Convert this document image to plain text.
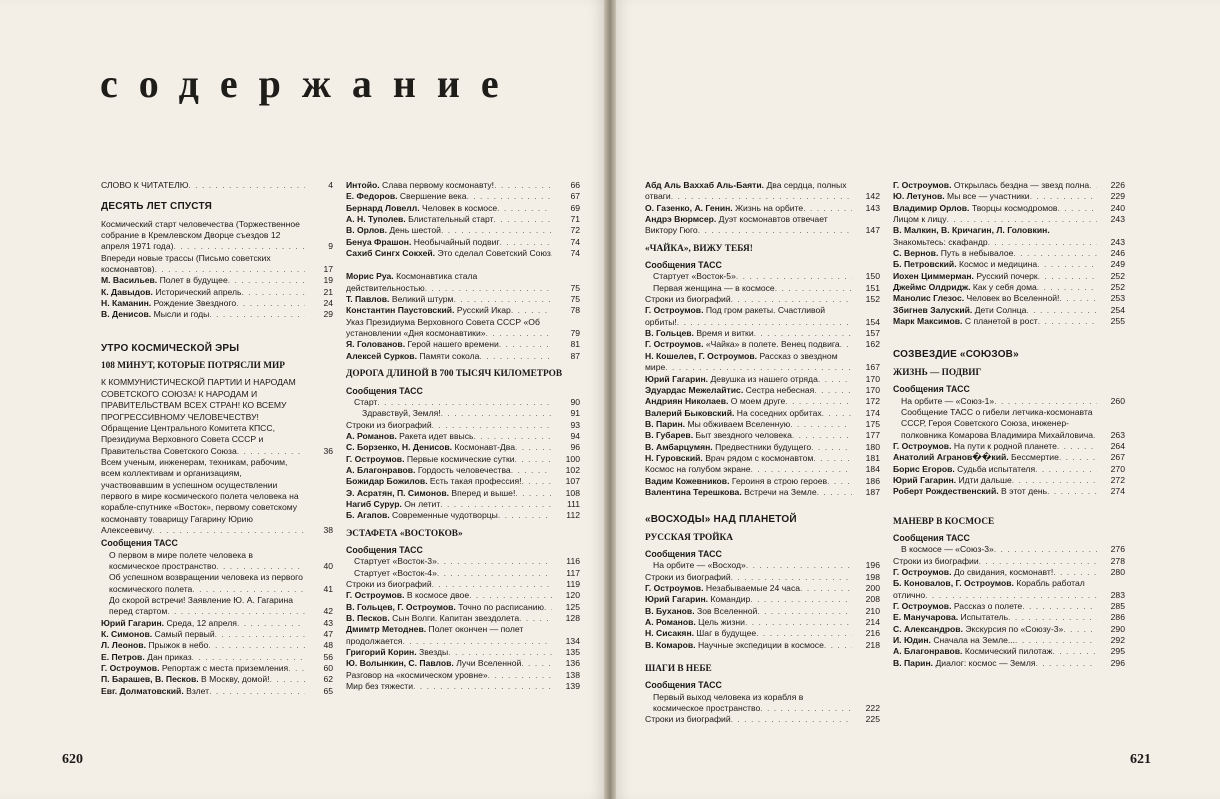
содержание
СЛОВО К ЧИТАТЕЛЮ . . .	4
ДЕСЯТЬ ЛЕТ СПУСТЯ
Космический старт человечества (Торжественное собрание в Кремлевском Дворце съездов 12 апреля 1971 года) . . .	9
Впереди новые трассы (Письмо советских космонавтов) . . .	17
М. Васильев. Полет в будущее . . .	19
К. Давыдов. Исторический апрель . . .	21
Н. Каманин. Рождение Звездного . . .	24
В. Денисов. Мысли и годы . . .	29
УТРО КОСМИЧЕСКОЙ ЭРЫ
108 МИНУТ, КОТОРЫЕ ПОТРЯСЛИ МИР
К КОММУНИСТИЧЕСКОЙ ПАРТИИ И НАРОДАМ СОВЕТСКОГО СОЮЗА! К НАРОДАМ И ПРАВИТЕЛЬСТВАМ ВСЕХ СТРАН! КО ВСЕМУ ПРОГРЕССИВНОМУ ЧЕЛОВЕЧЕСТВУ! Обращение Центрального Комитета КПСС, Президиума Верховного Совета СССР и Правительства Советского Союза . . .	36
Всем ученым, инженерам, техникам, рабочим, всем коллективам и организациям, участвовавшим в успешном осуществлении первого в мире космического полета человека на корабле-спутнике «Восток», первому советскому космонавту товарищу Гагарину Юрию Алексеевичу . . .	38
Сообщения ТАСС
О первом в мире полете человека в космическое пространство . . .	40
Об успешном возвращении человека из первого космического полета . . .	41
До скорой встречи! Заявление Ю. А. Гагарина перед стартом . . .	42
Юрий Гагарин. Среда, 12 апреля . . .	43
К. Симонов. Самый первый . . .	47
Л. Леонов. Прыжок в небо . . .	48
Е. Петров. Дан приказ . . .	56
Г. Остроумов. Репортаж с места приземления . . .	60
П. Барашев, В. Песков. В Москву, домой! . . .	62
Евг. Долматовский. Взлет . . .	65
Интойо. Слава первому космонавту! . . .	66
Е. Федоров. Свершение века . . .	67
Бернард Ловелл. Человек в космосе . . .	69
А. Н. Туполев. Блистательный старт . . .	71
В. Орлов. День шестой . . .	72
Бенуа Фрашон. Необычайный подвиг . . .	74
Сахиб Сингх Сокхей. Это сделал Советский Союз . . .	74
Морис Руа. Космонавтика стала действительностью . . .	75
Т. Павлов. Великий штурм . . .	75
Константин Паустовский. Русский Икар . . .	78
Указ Президиума Верховного Совета СССР «Об установлении «Дня космонавтики» . . .	79
Я. Голованов. Герой нашего времени . . .	81
Алексей Сурков. Памяти сокола . . .	87
ДОРОГА ДЛИНОЙ В 700 ТЫСЯЧ КИЛОМЕТРОВ
Сообщения ТАСС
Старт . . .	90
Здравствуй, Земля! . . .	91
Строки из биографий . . .	93
А. Романов. Ракета идет ввысь . . .	94
С. Борзенко, Н. Денисов. Космонавт-Два . . .	96
Г. Остроумов. Первые космические сутки . . .	100
А. Благонравов. Гордость человечества . . .	102
Божидар Божилов. Есть такая профессия! . . .	107
Э. Асратян, П. Симонов. Вперед и выше! . . .	108
Нагиб Сурур. Он летит . . .	111
Б. Агапов. Современные чудотворцы . . .	112
ЭСТАФЕТА «ВОСТОКОВ»
Сообщения ТАСС
Стартует «Восток-3» . . .	116
Стартует «Восток-4» . . .	117
Строки из биографий . . .	119
Г. Остроумов. В космосе двое . . .	120
В. Гольцев, Г. Остроумов. Точно по расписанию . . .	125
В. Песков. Сын Волги. Капитан звездолета . . .	128
Дмимтр Методнев. Полет окончен — полет продолжается . . .	134
Григорий Корин. Звезды . . .	135
Ю. Волынкин, С. Павлов. Лучи Вселенной . . .	136
Разговор на «космическом уровне» . . .	138
Мир без тяжести . . .	139
Абд Аль Ваххаб Аль-Баяти. Два сердца, полных отваги . . .	142
О. Газенко, А. Генин. Жизнь на орбите . . .	143
Андрэ Вюрмсер. Дуэт космонавтов отвечает Виктору Гюго . . .	147
«ЧАЙКА», ВИЖУ ТЕБЯ!
Сообщения ТАСС
Стартует «Восток-5» . . .	150
Первая женщина — в космосе . . .	151
Строки из биографий . . .	152
Г. Остроумов. Под гром ракеты. Счастливой орбиты! . . .	154
В. Гольцев. Время и витки . . .	157
Г. Остроумов. «Чайка» в полете. Венец подвига . . .	162
Н. Кошелев, Г. Остроумов. Рассказ о звездном мире . . .	167
Юрий Гагарин. Девушка из нашего отряда . . .	170
Эдуардас Межелайтис. Сестра небесная . . .	170
Андриян Николаев. О моем друге . . .	172
Валерий Быковский. На соседних орбитах . . .	174
В. Парин. Мы обживаем Вселенную . . .	175
В. Губарев. Быт звездного человека . . .	177
В. Амбарцумян. Предвестники будущего . . .	180
Н. Гуровский. Врач рядом с космонавтом . . .	181
Космос на голубом экране . . .	184
Вадим Кожевников. Героиня в строю героев . . .	186
Валентина Терешкова. Встречи на Земле . . .	187
«ВОСХОДЫ» НАД ПЛАНЕТОЙ
РУССКАЯ ТРОЙКА
Сообщения ТАСС
На орбите — «Восход» . . .	196
Строки из биографий . . .	198
Г. Остроумов. Незабываемые 24 часа . . .	200
Юрий Гагарин. Командир . . .	208
В. Буханов. Зов Вселенной . . .	210
А. Романов. Цель жизни . . .	214
Н. Сисакян. Шаг в будущее . . .	216
В. Комаров. Научные экспедиции в космосе . . .	218
ШАГИ В НЕБЕ
Сообщения ТАСС
Первый выход человека из корабля в космическое пространство . . .	222
Строки из биографий . . .	225
Г. Остроумов. Открылась бездна — звезд полна . . .	226
Ю. Летунов. Мы все — участники . . .	229
Владимир Орлов. Творцы космодромов . . .	240
Лицом к лицу . . .	243
В. Малкин, В. Кричагин, Л. Головкин. Знакомьтесь: скафандр . . .	243
С. Вернов. Путь в небывалое . . .	246
Б. Петровский. Космос и медицина . . .	249
Иохен Циммерман. Русский почерк . . .	252
Джеймс Олдридж. Как у себя дома . . .	252
Манолис Глезос. Человек во Вселенной! . . .	253
Збигнев Залуский. Дети Солнца . . .	254
Марк Максимов. С планетой в рост . . .	255
СОЗВЕЗДИЕ «СОЮЗОВ»
ЖИЗНЬ — ПОДВИГ
Сообщения ТАСС
На орбите — «Союз-1» . . .	260
Сообщение ТАСС о гибели летчика-космонавта СССР, Героя Советского Союза, инженер-полковника Комарова Владимира Михайловича . . .	263
Г. Остроумов. На пути к родной планете . . .	264
Анатолий Агранов��кий. Бессмертие . . .	267
Борис Егоров. Судьба испытателя . . .	270
Юрий Гагарин. Идти дальше . . .	272
Роберт Рождественский. В этот день . . .	274
МАНЕВР В КОСМОСЕ
Сообщения ТАСС
В космосе — «Союз-3» . . .	276
Строки из биографии . . .	278
Г. Остроумов. До свидания, космонавт! . . .	280
Б. Коновалов, Г. Остроумов. Корабль работал отлично . . .	283
Г. Остроумов. Рассказ о полете . . .	285
Е. Манучарова. Испытатель . . .	286
С. Александров. Экскурсия по «Союзу-3» . . .	290
И. Юдин. Сначала на Земле... . . .	292
А. Благонравов. Космический пилотаж . . .	295
В. Парин. Диалог: космос — Земля . . .	296
620	621
